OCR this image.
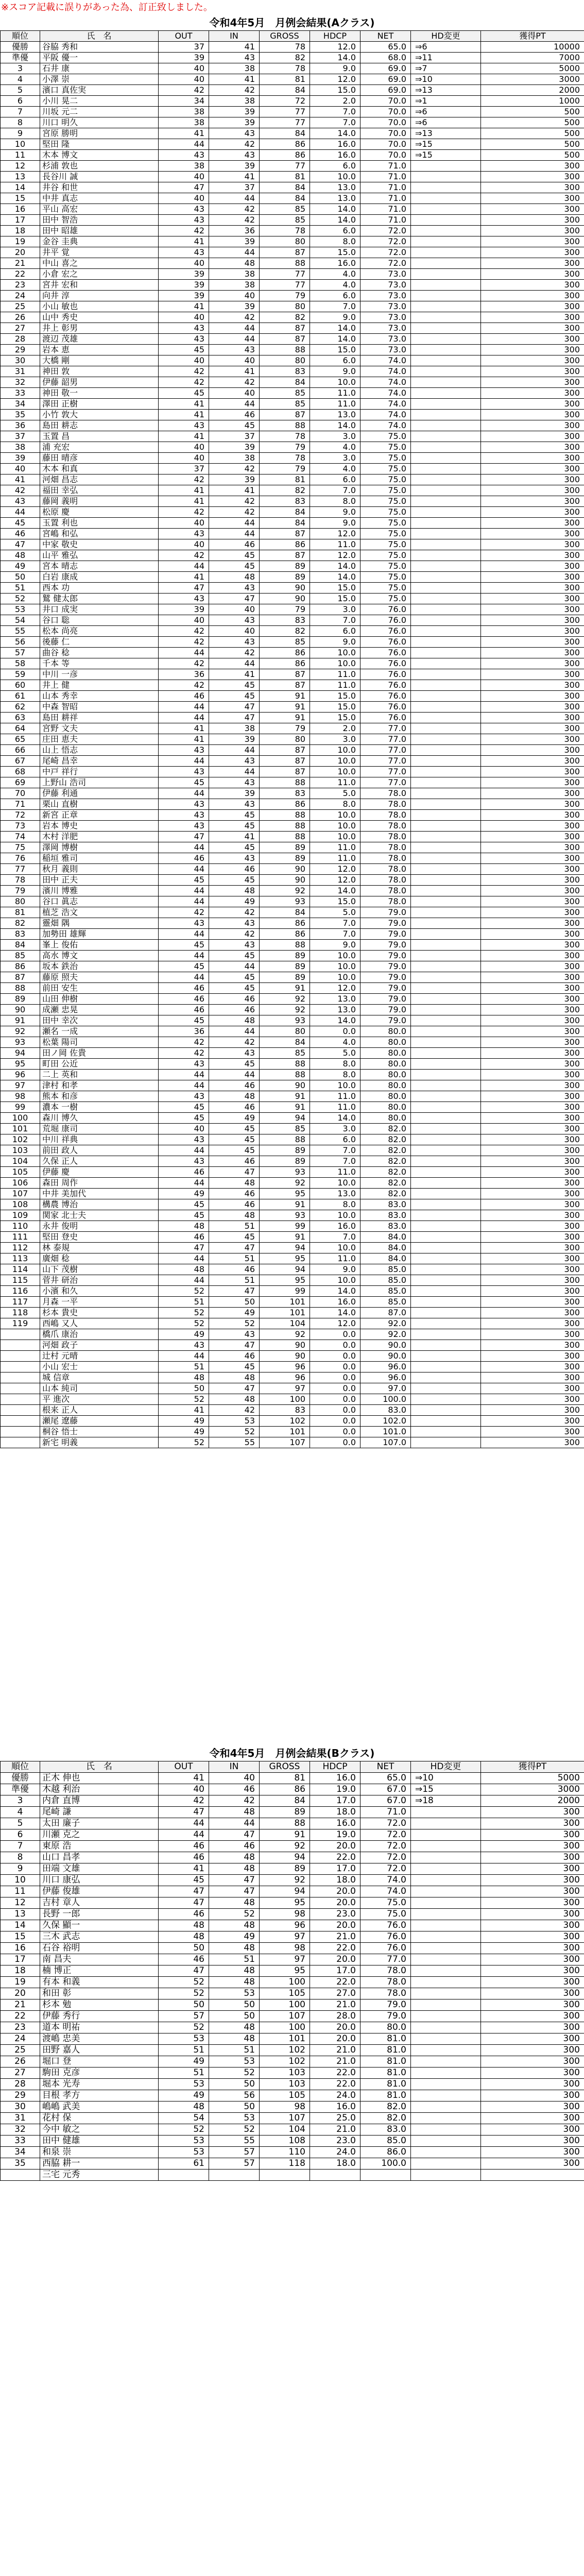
※スコア記載に誤りがあった為、訂正致しました。

令和4年5月　月例会結果(Aクラス)
順位	氏　名	OUT	IN	GROSS	HDCP	NET	HD変更	獲得PT
優勝	谷脇 秀和	37	41	78	12.0	65.0	⇒6	10000
準優	平阪 優一	39	43	82	14.0	68.0	⇒11	7000
3	石井 康	40	38	78	9.0	69.0	⇒7	5000
4	小澤 崇	40	41	81	12.0	69.0	⇒10	3000
5	濱口 真佐実	42	42	84	15.0	69.0	⇒13	2000
6	小川 晃二	34	38	72	2.0	70.0	⇒1	1000
7	川坂 元二	38	39	77	7.0	70.0	⇒6	500
8	川口 明久	38	39	77	7.0	70.0	⇒6	500
9	宮原 勝明	41	43	84	14.0	70.0	⇒13	500
10	堅田 隆	44	42	86	16.0	70.0	⇒15	500
11	木本 博文	43	43	86	16.0	70.0	⇒15	500
12	杉浦 敦也	38	39	77	6.0	71.0		300
13	長谷川 誠	40	41	81	10.0	71.0		300
14	井谷 和世	47	37	84	13.0	71.0		300
15	中井 真志	40	44	84	13.0	71.0		300
16	平山 高宏	43	42	85	14.0	71.0		300
17	田中 智浩	43	42	85	14.0	71.0		300
18	田中 昭雄	42	36	78	6.0	72.0		300
19	金谷 圭典	41	39	80	8.0	72.0		300
20	井平 覚	43	44	87	15.0	72.0		300
21	中山 喜之	40	48	88	16.0	72.0		300
22	小倉 宏之	39	38	77	4.0	73.0		300
23	宮井 宏和	39	38	77	4.0	73.0		300
24	向井 淳	39	40	79	6.0	73.0		300
25	小山 敏也	41	39	80	7.0	73.0		300
26	山中 秀史	40	42	82	9.0	73.0		300
27	井上 彰男	43	44	87	14.0	73.0		300
28	渡辺 茂雄	43	44	87	14.0	73.0		300
29	岩本 恵	45	43	88	15.0	73.0		300
30	大橋 剛	40	40	80	6.0	74.0		300
31	神田 敦	42	41	83	9.0	74.0		300
32	伊藤 韶男	42	42	84	10.0	74.0		300
33	神田 敬一	45	40	85	11.0	74.0		300
34	澤田 正樹	41	44	85	11.0	74.0		300
35	小竹 敦大	41	46	87	13.0	74.0		300
36	島田 耕志	43	45	88	14.0	74.0		300
37	玉置 昌	41	37	78	3.0	75.0		300
38	浦 充宏	40	39	79	4.0	75.0		300
39	藤田 晴彦	40	38	78	3.0	75.0		300
40	木本 和真	37	42	79	4.0	75.0		300
41	河畑 昌志	42	39	81	6.0	75.0		300
42	福田 幸弘	41	41	82	7.0	75.0		300
43	藤岡 義明	41	42	83	8.0	75.0		300
44	松原 慶	42	42	84	9.0	75.0		300
45	玉置 利也	40	44	84	9.0	75.0		300
46	宮嶋 和弘	43	44	87	12.0	75.0		300
47	中家 敬史	40	46	86	11.0	75.0		300
48	山平 雅弘	42	45	87	12.0	75.0		300
49	宮本 晴志	44	45	89	14.0	75.0		300
50	白岩 康成	41	48	89	14.0	75.0		300
51	西本 功	47	43	90	15.0	75.0		300
52	鷲 健太郎	43	47	90	15.0	75.0		300
53	井口 成実	39	40	79	3.0	76.0		300
54	谷口 聡	40	43	83	7.0	76.0		300
55	松本 尚亮	42	40	82	6.0	76.0		300
56	後藤 仁	42	43	85	9.0	76.0		300
57	曲谷 稔	44	42	86	10.0	76.0		300
58	千本 等	42	44	86	10.0	76.0		300
59	中川 一彦	36	41	87	11.0	76.0		300
60	井上 健	42	45	87	11.0	76.0		300
61	山本 秀幸	46	45	91	15.0	76.0		300
62	中森 智昭	44	47	91	15.0	76.0		300
63	島田 耕祥	44	47	91	15.0	76.0		300
64	宮野 文夫	41	38	79	2.0	77.0		300
65	庄田 恵夫	41	39	80	3.0	77.0		300
66	山上 悟志	43	44	87	10.0	77.0		300
67	尾崎 昌幸	44	43	87	10.0	77.0		300
68	中戸 祥行	43	44	87	10.0	77.0		300
69	上野山 浩司	45	43	88	11.0	77.0		300
70	伊藤 利通	44	39	83	5.0	78.0		300
71	栗山 直樹	43	43	86	8.0	78.0		300
72	新宮 正章	43	45	88	10.0	78.0		300
73	岩本 博史	43	45	88	10.0	78.0		300
74	木村 洋肥	47	41	88	10.0	78.0		300
75	澤岡 博樹	44	45	89	11.0	78.0		300
76	稲垣 雅司	46	43	89	11.0	78.0		300
77	秋月 義則	44	46	90	12.0	78.0		300
78	田中 正夫	45	45	90	12.0	78.0		300
79	濱川 博雅	44	48	92	14.0	78.0		300
80	谷口 眞志	44	49	93	15.0	78.0		300
81	植芝 浩文	42	42	84	5.0	79.0		300
82	靈畑 隅	43	43	86	7.0	79.0		300
83	加勢田 雄輝	44	42	86	7.0	79.0		300
84	峯上 俊佑	45	43	88	9.0	79.0		300
85	高水 博文	44	45	89	10.0	79.0		300
86	坂本 鉄治	45	44	89	10.0	79.0		300
87	藤原 照夫	44	45	89	10.0	79.0		300
88	前田 安生	46	45	91	12.0	79.0		300
89	山田 伸樹	46	46	92	13.0	79.0		300
90	成瀬 忠晃	46	46	92	13.0	79.0		300
91	田中 幸次	45	48	93	14.0	79.0		300
92	瀬名 一成	36	44	80	0.0	80.0		300
93	松葉 陽司	42	42	84	4.0	80.0		300
94	田ノ岡 佐貴	42	43	85	5.0	80.0		300
95	町田 公近	43	45	88	8.0	80.0		300
96	二上 英和	44	44	88	8.0	80.0		300
97	津村 和孝	44	46	90	10.0	80.0		300
98	熊本 和彦	43	48	91	11.0	80.0		300
99	濃本 一樹	45	46	91	11.0	80.0		300
100	森川 博久	45	49	94	14.0	80.0		300
101	荒堀 康司	40	45	85	3.0	82.0		300
102	中川 祥典	43	45	88	6.0	82.0		300
103	前田 政人	44	45	89	7.0	82.0		300
104	久保 正人	43	46	89	7.0	82.0		300
105	伊藤 慶	46	47	93	11.0	82.0		300
106	森田 周作	44	48	92	10.0	82.0		300
107	中井 美加代	49	46	95	13.0	82.0		300
108	構農 博治	45	46	91	8.0	83.0		300
109	関家 北士夫	45	48	93	10.0	83.0		300
110	永井 俊明	48	51	99	16.0	83.0		300
111	堅田 登史	46	45	91	7.0	84.0		300
112	林 泰規	47	47	94	10.0	84.0		300
113	廣畑 稔	44	51	95	11.0	84.0		300
114	山下 茂樹	48	46	94	9.0	85.0		300
115	菅井 研治	44	51	95	10.0	85.0		300
116	小濱 和久	52	47	99	14.0	85.0		300
117	月森 一平	51	50	101	16.0	85.0		300
118	杉本 貴史	52	49	101	14.0	87.0		300
119	西嶋 又人	52	52	104	12.0	92.0		300
	橋爪 康治	49	43	92	0.0	92.0		300
	河畑 政子	43	47	90	0.0	90.0		300
	辻村 元晴	44	46	90	0.0	90.0		300
	小山 宏士	51	45	96	0.0	96.0		300
	城 信章	48	48	96	0.0	96.0		300
	山本 純司	50	47	97	0.0	97.0		300
	平 進次	52	48	100	0.0	100.0		300
	根来 正人	41	42	83	0.0	83.0		300
	瀬尾 遼藤	49	53	102	0.0	102.0		300
	桐谷 悟士	49	52	101	0.0	101.0		300
	新宅 明義	52	55	107	0.0	107.0		300
令和4年5月　月例会結果(Bクラス)
順位	氏　名	OUT	IN	GROSS	HDCP	NET	HD変更	獲得PT
優勝	正木 伸也	41	40	81	16.0	65.0	⇒10	5000
準優	木越 利治	40	46	86	19.0	67.0	⇒15	3000
3	内倉 直博	42	42	84	17.0	67.0	⇒18	2000
4	尾崎 謙	47	48	89	18.0	71.0		300
5	太田 廉子	44	44	88	16.0	72.0		300
6	川瀬 克之	44	47	91	19.0	72.0		300
7	東原 浩	46	46	92	20.0	72.0		300
8	山口 昌孝	46	48	94	22.0	72.0		300
9	田端 文雄	41	48	89	17.0	72.0		300
10	川口 康弘	45	47	92	18.0	74.0		300
11	伊藤 俊雄	47	47	94	20.0	74.0		300
12	吉村 章人	47	48	95	20.0	75.0		300
13	長野 一郎	46	52	98	23.0	75.0		300
14	久保 顯一	48	48	96	20.0	76.0		300
15	三木 武志	48	49	97	21.0	76.0		300
16	石谷 裕明	50	48	98	22.0	76.0		300
17	南 昌夫	46	51	97	20.0	77.0		300
18	楠 博正	47	48	95	17.0	78.0		300
19	有本 和義	52	48	100	22.0	78.0		300
20	和田 彰	52	53	105	27.0	78.0		300
21	杉本 勉	50	50	100	21.0	79.0		300
22	伊藤 秀行	57	50	107	28.0	79.0		300
23	道本 明祐	52	48	100	20.0	80.0		300
24	渡嶋 忠美	53	48	101	20.0	81.0		300
25	田野 嘉人	51	51	102	21.0	81.0		300
26	堀口 登	49	53	102	21.0	81.0		300
27	駒田 克彦	51	52	103	22.0	81.0		300
28	堀本 光寿	53	50	103	22.0	81.0		300
29	目根 孝方	49	56	105	24.0	81.0		300
30	嶋嶋 武美	48	50	98	16.0	82.0		300
31	花村 保	54	53	107	25.0	82.0		300
32	今中 敏之	52	52	104	21.0	83.0		300
33	田中 健雄	53	55	108	23.0	85.0		300
34	和泉 崇	53	57	110	24.0	86.0		300
35	西脇 耕一	61	57	118	18.0	100.0		300
	三宅 元秀							
